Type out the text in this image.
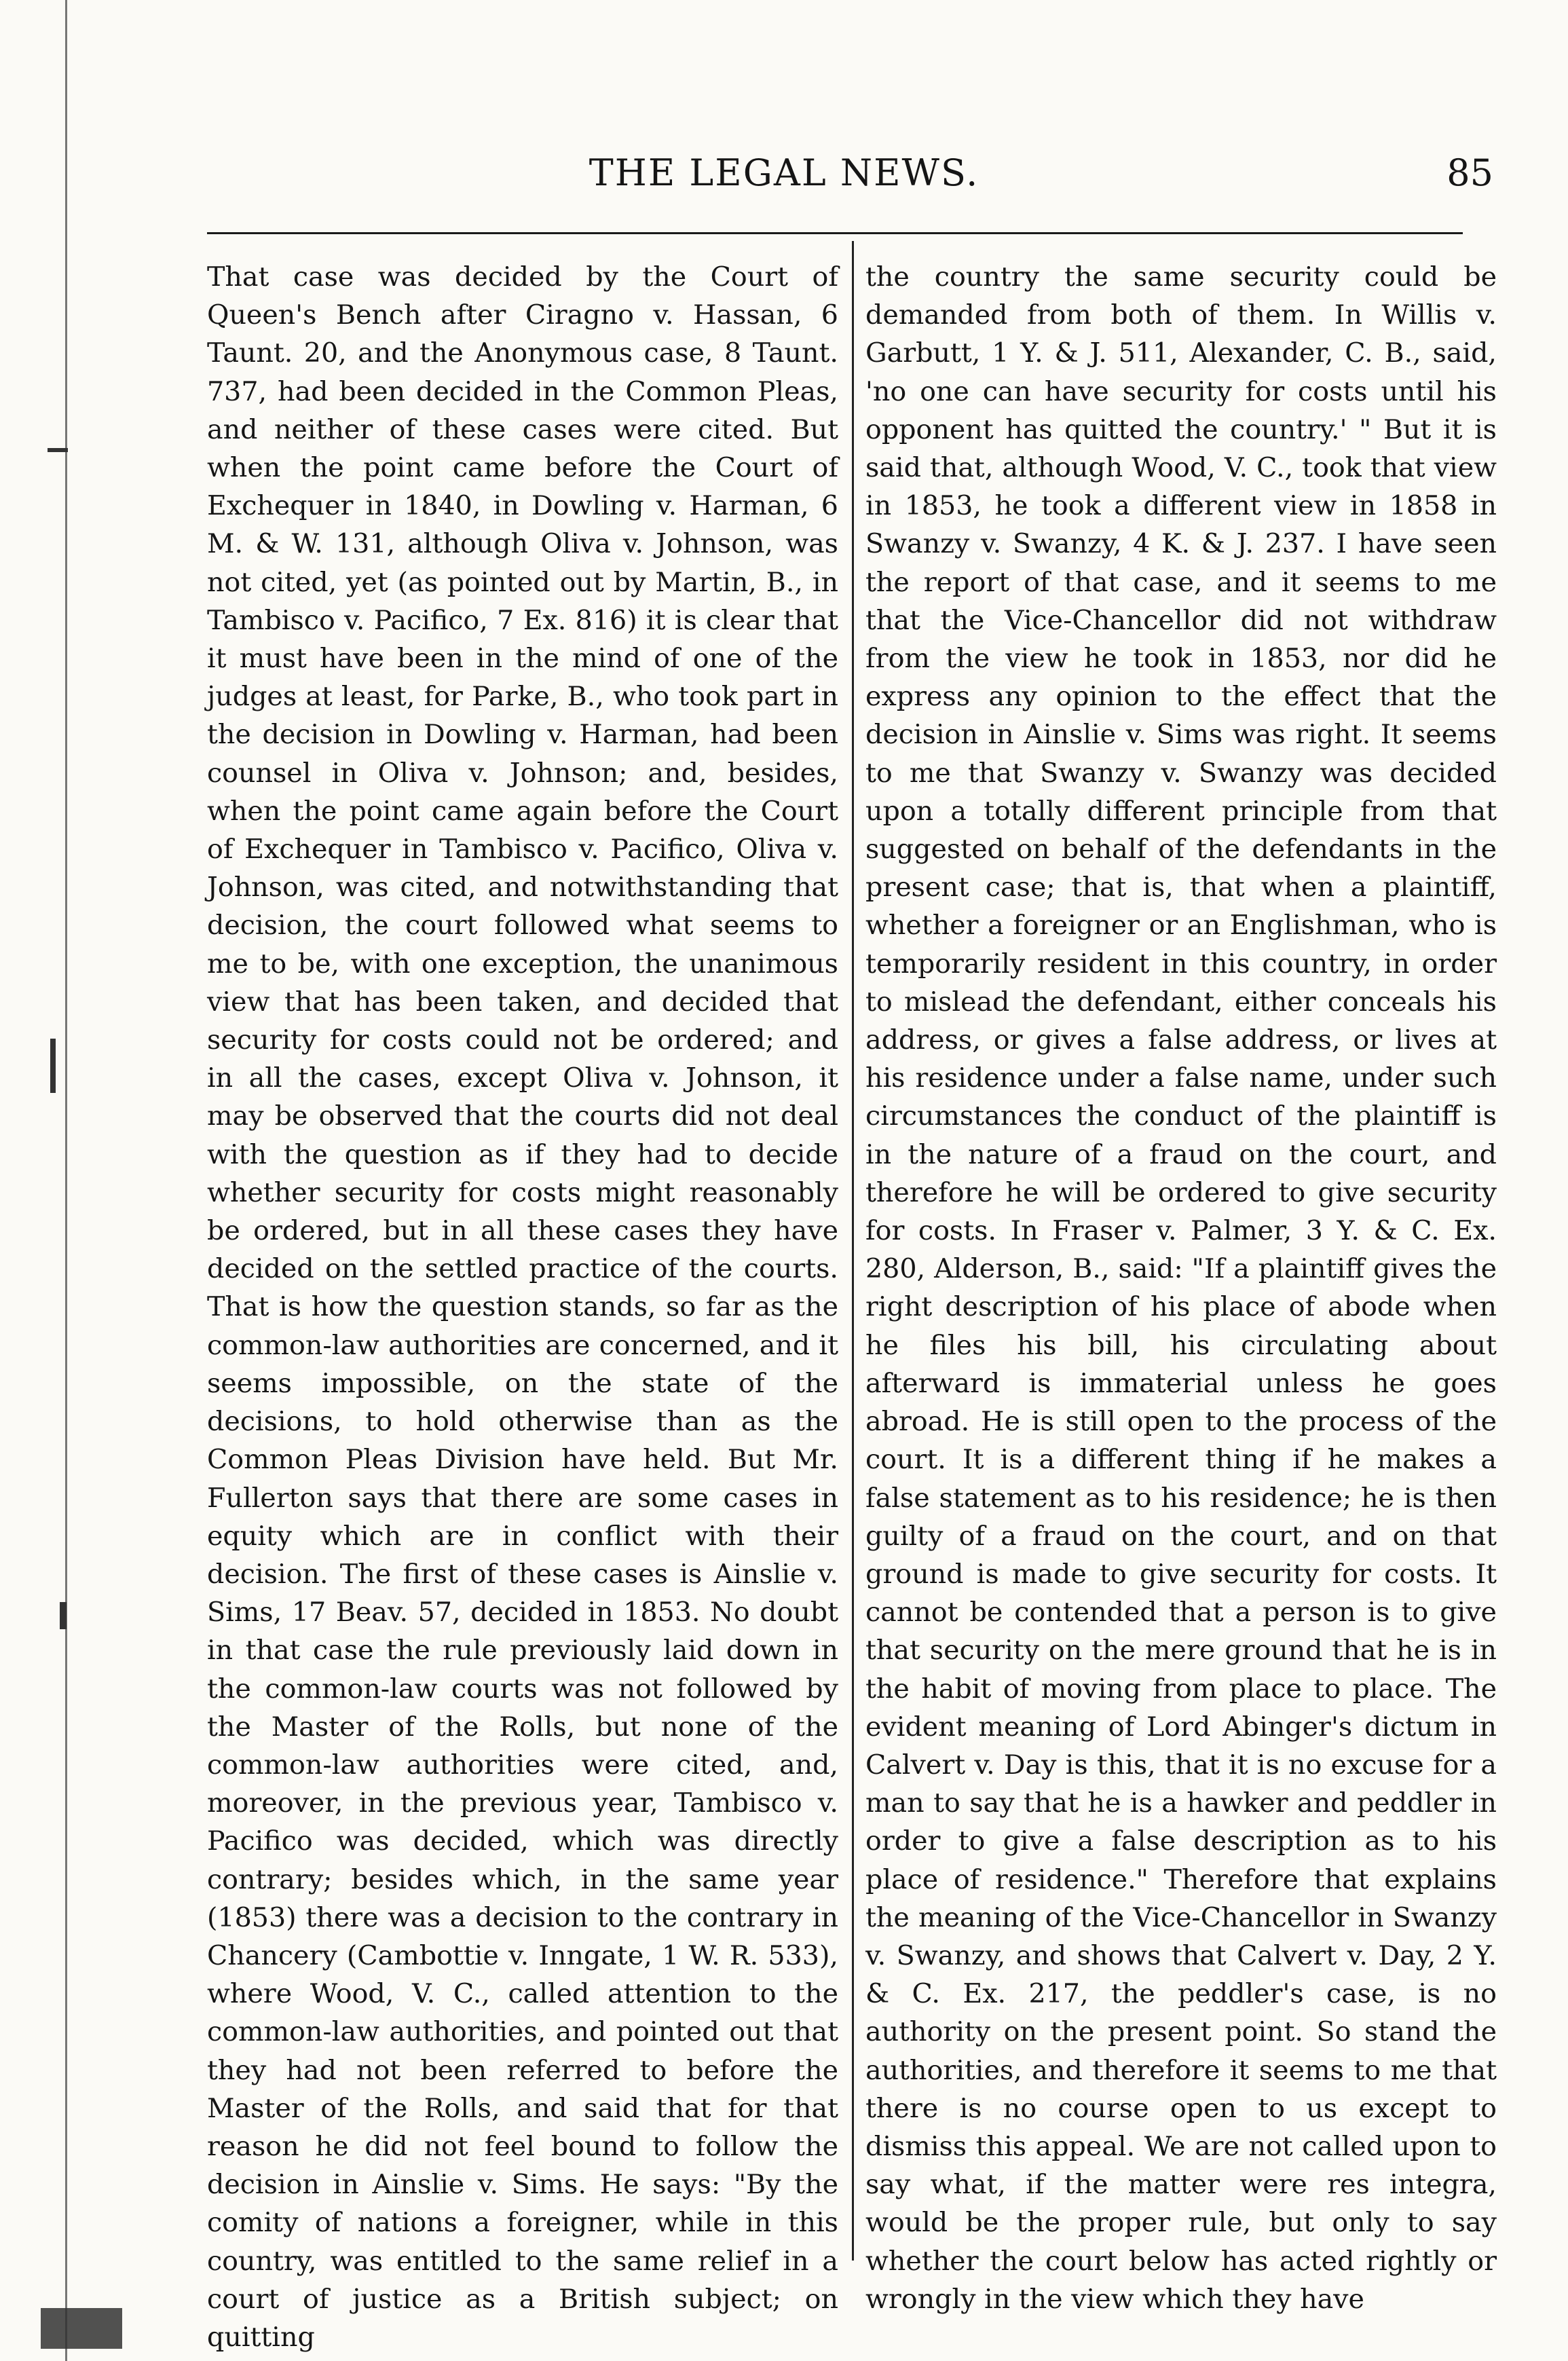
THE LEGAL NEWS.	85

That case was decided by the Court of Queen's Bench after Ciragno v. Hassan, 6 Taunt. 20, and the Anonymous case, 8 Taunt. 737, had been decided in the Common Pleas, and neither of these cases were cited. But when the point came before the Court of Exchequer in 1840, in Dowling v. Harman, 6 M. & W. 131, although Oliva v. Johnson, was not cited, yet (as pointed out by Martin, B., in Tambisco v. Pacifico, 7 Ex. 816) it is clear that it must have been in the mind of one of the judges at least, for Parke, B., who took part in the decision in Dowling v. Harman, had been counsel in Oliva v. Johnson; and, besides, when the point came again before the Court of Exchequer in Tambisco v. Pacifico, Oliva v. Johnson, was cited, and notwithstanding that decision, the court followed what seems to me to be, with one exception, the unanimous view that has been taken, and decided that security for costs could not be ordered; and in all the cases, except Oliva v. Johnson, it may be observed that the courts did not deal with the question as if they had to decide whether security for costs might reasonably be ordered, but in all these cases they have decided on the settled practice of the courts. That is how the question stands, so far as the common-law authorities are concerned, and it seems impossible, on the state of the decisions, to hold otherwise than as the Common Pleas Division have held. But Mr. Fullerton says that there are some cases in equity which are in conflict with their decision. The first of these cases is Ainslie v. Sims, 17 Beav. 57, decided in 1853. No doubt in that case the rule previously laid down in the common-law courts was not followed by the Master of the Rolls, but none of the common-law authorities were cited, and, moreover, in the previous year, Tambisco v. Pacifico was decided, which was directly contrary; besides which, in the same year (1853) there was a decision to the contrary in Chancery (Cambottie v. Inngate, 1 W. R. 533), where Wood, V. C., called attention to the common-law authorities, and pointed out that they had not been referred to before the Master of the Rolls, and said that for that reason he did not feel bound to follow the decision in Ainslie v. Sims. He says: "By the comity of nations a foreigner, while in this country, was entitled to the same relief in a court of justice as a British subject; on quitting

the country the same security could be demanded from both of them. In Willis v. Garbutt, 1 Y. & J. 511, Alexander, C. B., said, 'no one can have security for costs until his opponent has quitted the country.' " But it is said that, although Wood, V. C., took that view in 1853, he took a different view in 1858 in Swanzy v. Swanzy, 4 K. & J. 237. I have seen the report of that case, and it seems to me that the Vice-Chancellor did not withdraw from the view he took in 1853, nor did he express any opinion to the effect that the decision in Ainslie v. Sims was right. It seems to me that Swanzy v. Swanzy was decided upon a totally different principle from that suggested on behalf of the defendants in the present case; that is, that when a plaintiff, whether a foreigner or an Englishman, who is temporarily resident in this country, in order to mislead the defendant, either conceals his address, or gives a false address, or lives at his residence under a false name, under such circumstances the conduct of the plaintiff is in the nature of a fraud on the court, and therefore he will be ordered to give security for costs. In Fraser v. Palmer, 3 Y. & C. Ex. 280, Alderson, B., said: "If a plaintiff gives the right description of his place of abode when he files his bill, his circulating about afterward is immaterial unless he goes abroad. He is still open to the process of the court. It is a different thing if he makes a false statement as to his residence; he is then guilty of a fraud on the court, and on that ground is made to give security for costs. It cannot be contended that a person is to give that security on the mere ground that he is in the habit of moving from place to place. The evident meaning of Lord Abinger's dictum in Calvert v. Day is this, that it is no excuse for a man to say that he is a hawker and peddler in order to give a false description as to his place of residence." Therefore that explains the meaning of the Vice-Chancellor in Swanzy v. Swanzy, and shows that Calvert v. Day, 2 Y. & C. Ex. 217, the peddler's case, is no authority on the present point. So stand the authorities, and therefore it seems to me that there is no course open to us except to dismiss this appeal. We are not called upon to say what, if the matter were res integra, would be the proper rule, but only to say whether the court below has acted rightly or wrongly in the view which they have
